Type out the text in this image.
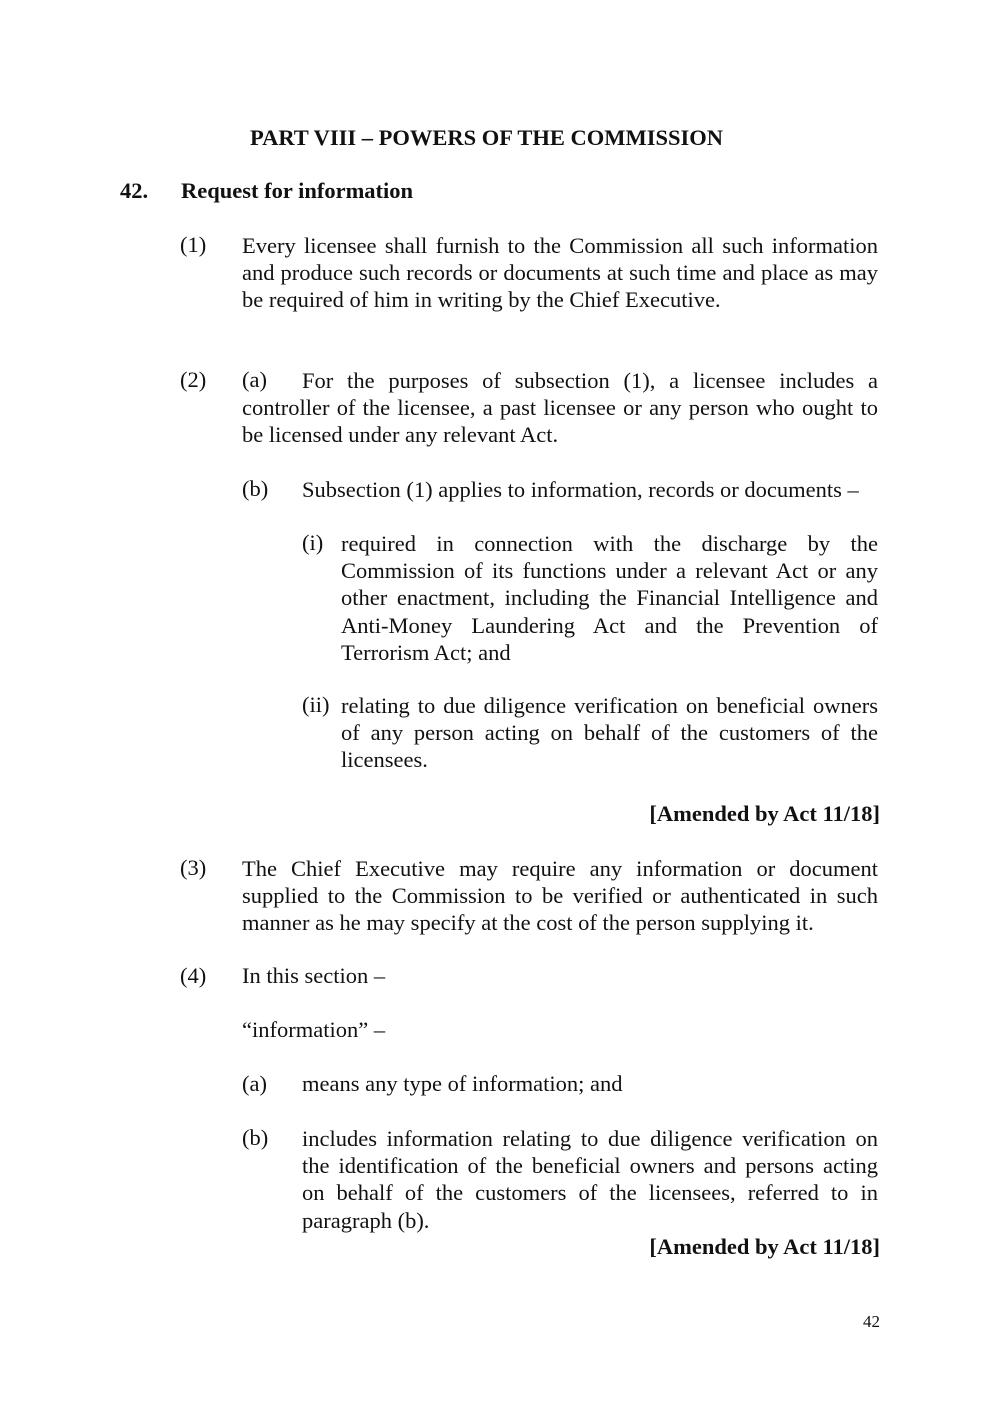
PART VIII – POWERS OF THE COMMISSION
42. Request for information
(1) Every licensee shall furnish to the Commission all such information and produce such records or documents at such time and place as may be required of him in writing by the Chief Executive.
(2) (a)	For the purposes of subsection (1), a licensee includes a controller of the licensee, a past licensee or any person who ought to be licensed under any relevant Act.
(b) Subsection (1) applies to information, records or documents –
(i) required in connection with the discharge by the Commission of its functions under a relevant Act or any other enactment, including the Financial Intelligence and Anti-Money Laundering Act and the Prevention of Terrorism Act; and
(ii) relating to due diligence verification on beneficial owners of any person acting on behalf of the customers of the licensees.
[Amended by Act 11/18]
(3) The Chief Executive may require any information or document supplied to the Commission to be verified or authenticated in such manner as he may specify at the cost of the person supplying it.
(4) In this section –
“information” –
(a) means any type of information; and
(b) includes information relating to due diligence verification on the identification of the beneficial owners and persons acting on behalf of the customers of the licensees, referred to in paragraph (b).
[Amended by Act 11/18]
42
